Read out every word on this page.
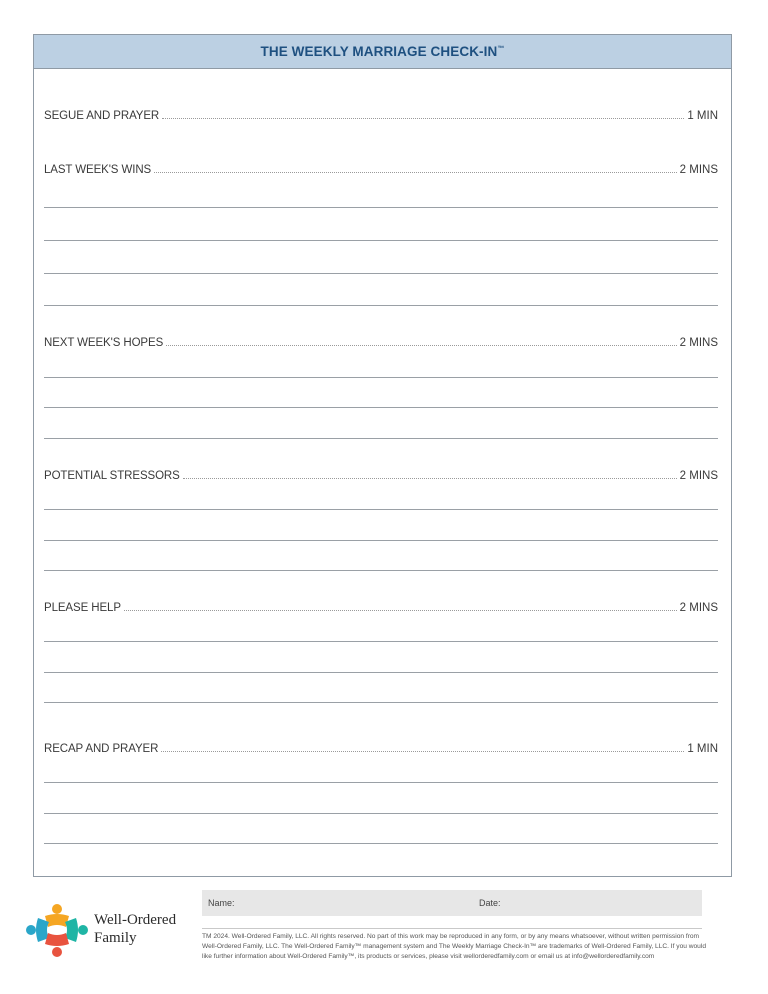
THE WEEKLY MARRIAGE CHECK-IN™
SEGUE AND PRAYER	1 MIN
LAST WEEK'S WINS	2 MINS
NEXT WEEK'S HOPES	2 MINS
POTENTIAL STRESSORS	2 MINS
PLEASE HELP	2 MINS
RECAP AND PRAYER	1 MIN
Well-Ordered
Family
Name:	Date:
TM 2024. Well-Ordered Family, LLC. All rights reserved. No part of this work may be reproduced in any form, or by any means whatsoever, without written permission from Well-Ordered Family, LLC. The Well-Ordered Family™ management system and The Weekly Marriage Check-In™ are trademarks of Well-Ordered Family, LLC. If you would like further information about Well-Ordered Family™, its products or services, please visit wellorderedfamily.com or email us at info@wellorderedfamily.com
